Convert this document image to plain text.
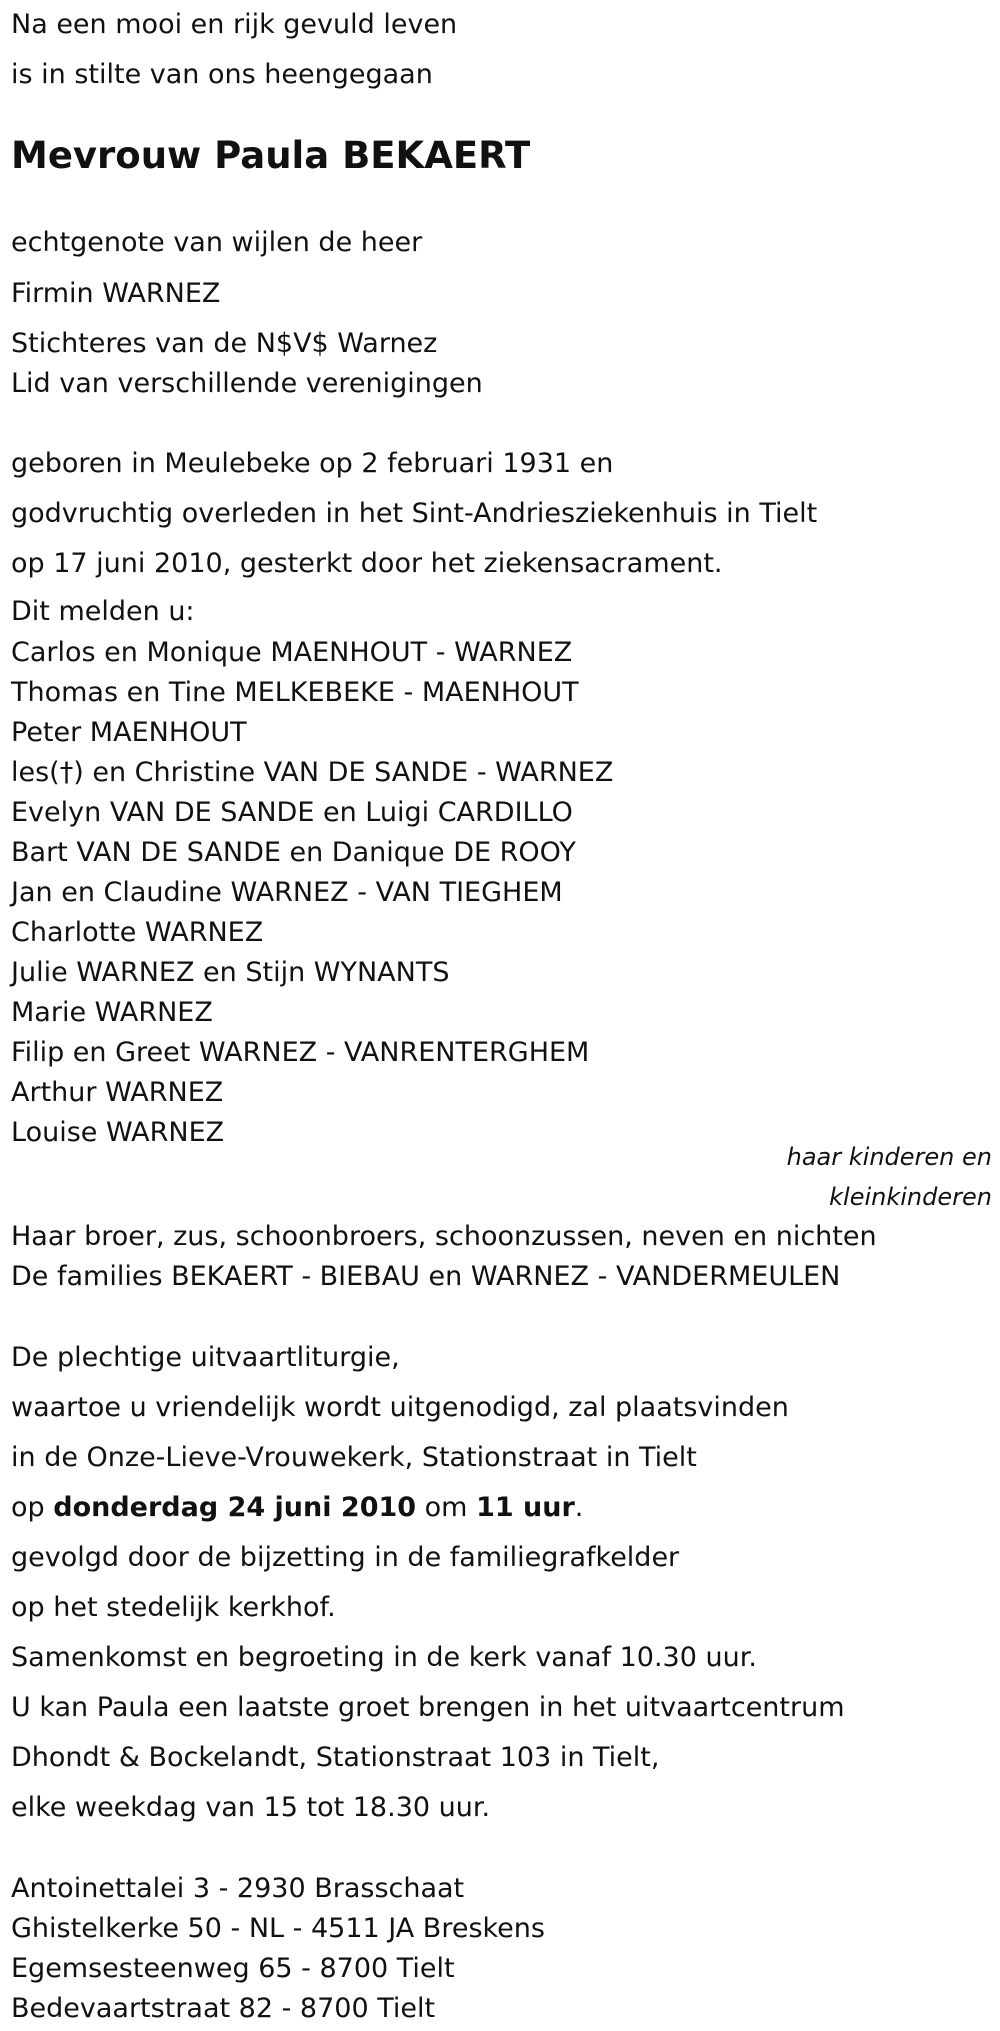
Na een mooi en rijk gevuld leven
is in stilte van ons heengegaan
Mevrouw Paula BEKAERT
echtgenote van wijlen de heer
Firmin WARNEZ
Stichteres van de N$V$ Warnez
Lid van verschillende verenigingen
geboren in Meulebeke op 2 februari 1931 en
godvruchtig overleden in het Sint-Andriesziekenhuis in Tielt
op 17 juni 2010, gesterkt door het ziekensacrament.
Dit melden u:
Carlos en Monique MAENHOUT - WARNEZ
Thomas en Tine MELKEBEKE - MAENHOUT
Peter MAENHOUT
les(†) en Christine VAN DE SANDE - WARNEZ
Evelyn VAN DE SANDE en Luigi CARDILLO
Bart VAN DE SANDE en Danique DE ROOY
Jan en Claudine WARNEZ - VAN TIEGHEM
Charlotte WARNEZ
Julie WARNEZ en Stijn WYNANTS
Marie WARNEZ
Filip en Greet WARNEZ - VANRENTERGHEM
Arthur WARNEZ
Louise WARNEZ
haar kinderen en
kleinkinderen
Haar broer, zus, schoonbroers, schoonzussen, neven en nichten
De families BEKAERT - BIEBAU en WARNEZ - VANDERMEULEN
De plechtige uitvaartliturgie,
waartoe u vriendelijk wordt uitgenodigd, zal plaatsvinden
in de Onze-Lieve-Vrouwekerk, Stationstraat in Tielt
op donderdag 24 juni 2010 om 11 uur.
gevolgd door de bijzetting in de familiegrafkelder
op het stedelijk kerkhof.
Samenkomst en begroeting in de kerk vanaf 10.30 uur.
U kan Paula een laatste groet brengen in het uitvaartcentrum
Dhondt & Bockelandt, Stationstraat 103 in Tielt,
elke weekdag van 15 tot 18.30 uur.
Antoinettalei 3 - 2930 Brasschaat
Ghistelkerke 50 - NL - 4511 JA Breskens
Egemsesteenweg 65 - 8700 Tielt
Bedevaartstraat 82 - 8700 Tielt
